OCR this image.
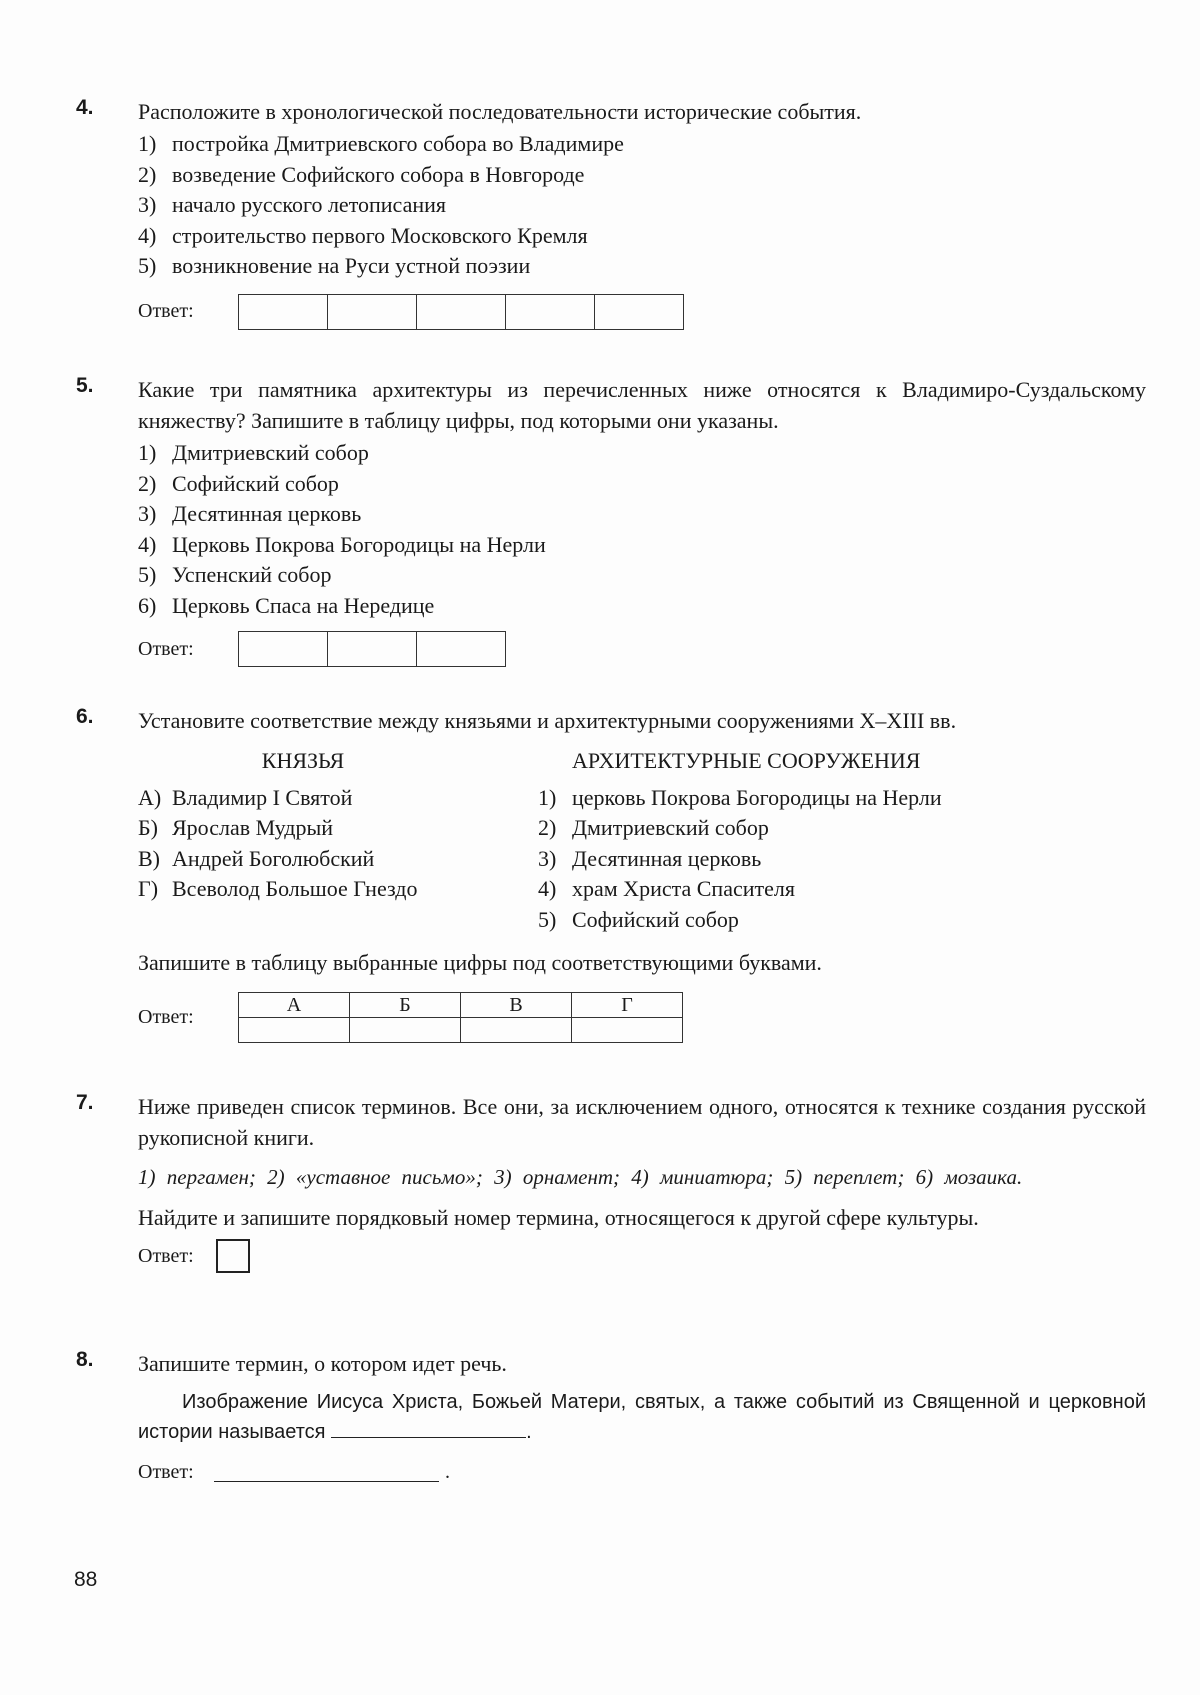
4. Расположите в хронологической последовательности исторические события.
1) постройка Дмитриевского собора во Владимире
2) возведение Софийского собора в Новгороде
3) начало русского летописания
4) строительство первого Московского Кремля
5) возникновение на Руси устной поэзии
Ответ:
5. Какие три памятника архитектуры из перечисленных ниже относятся к Владимиро-Суздальскому княжеству? Запишите в таблицу цифры, под которыми они указаны.
1) Дмитриевский собор
2) Софийский собор
3) Десятинная церковь
4) Церковь Покрова Богородицы на Нерли
5) Успенский собор
6) Церковь Спаса на Нередице
Ответ:
6. Установите соответствие между князьями и архитектурными сооружениями X–XIII вв.
КНЯЗЬЯ
А) Владимир I Святой
Б) Ярослав Мудрый
В) Андрей Боголюбский
Г) Всеволод Большое Гнездо
АРХИТЕКТУРНЫЕ СООРУЖЕНИЯ
1) церковь Покрова Богородицы на Нерли
2) Дмитриевский собор
3) Десятинная церковь
4) храм Христа Спасителя
5) Софийский собор
Запишите в таблицу выбранные цифры под соответствующими буквами.
Ответ:
А	Б	В	Г

7. Ниже приведен список терминов. Все они, за исключением одного, относятся к технике создания русской рукописной книги.
1) пергамен; 2) «уставное письмо»; 3) орнамент; 4) миниатюра; 5) переплет; 6) мозаика.
Найдите и запишите порядковый номер термина, относящегося к другой сфере культуры.
Ответ:
8. Запишите термин, о котором идет речь.
Изображение Иисуса Христа, Божьей Матери, святых, а также событий из Священной и церковной истории называется	.
Ответ:	.
88
